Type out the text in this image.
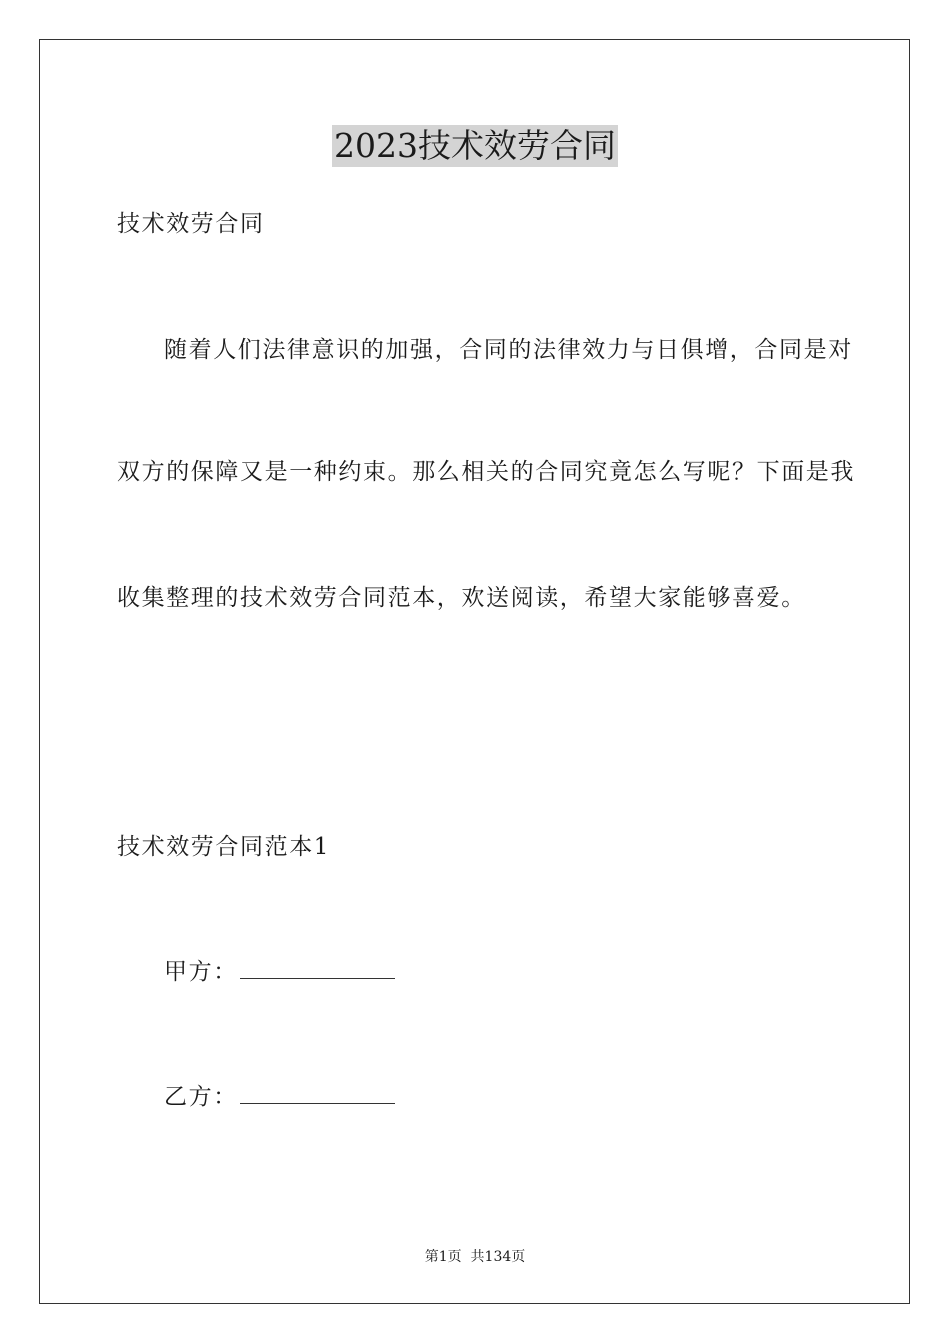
2023技术效劳合同
技术效劳合同
随着人们法律意识的加强，合同的法律效力与日俱增，合同是对
双方的保障又是一种约束。那么相关的合同究竟怎么写呢？下面是我
收集整理的技术效劳合同范本，欢送阅读，希望大家能够喜爱。
技术效劳合同范本1
甲方：
乙方：
第1页  共134页
